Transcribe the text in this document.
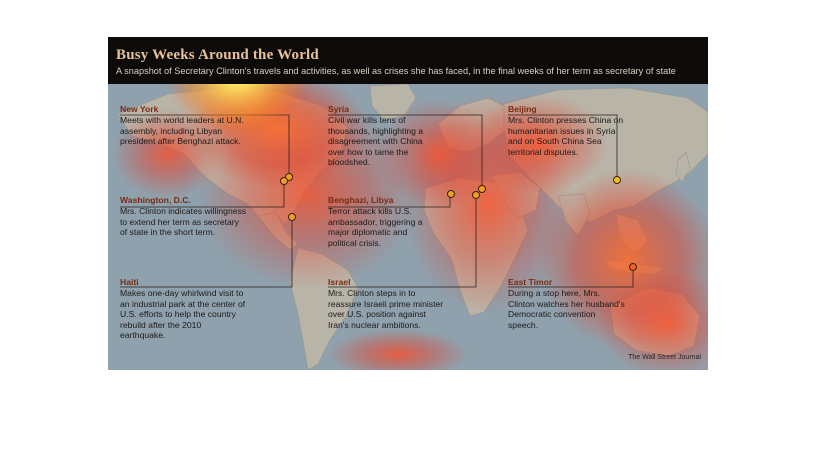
Busy Weeks Around the World
A snapshot of Secretary Clinton's travels and activities, as well as crises she has faced, in the final weeks of her term as secretary of state
New York
Meets with world leaders at U.N. assembly, including Libyan president after Benghazi attack.
Washington, D.C.
Mrs. Clinton indicates willingness to extend her term as secretary of state in the short term.
Haiti
Makes one-day whirlwind visit to an industrial park at the center of U.S. efforts to help the country rebuild after the 2010 earthquake.
Syria
Civil war kills tens of thousands, highlighting a disagreement with China over how to tame the bloodshed.
Benghazi, Libya
Terror attack kills U.S. ambassador, triggering a major diplomatic and political crisis.
Israel
Mrs. Clinton steps in to reassure Israeli prime minister over U.S. position against Iran's nuclear ambitions.
Beijing
Mrs. Clinton presses China on humanitarian issues in Syria and on South China Sea territorial disputes.
East Timor
During a stop here, Mrs. Clinton watches her husband's Democratic convention speech.
The Wall Street Journal
